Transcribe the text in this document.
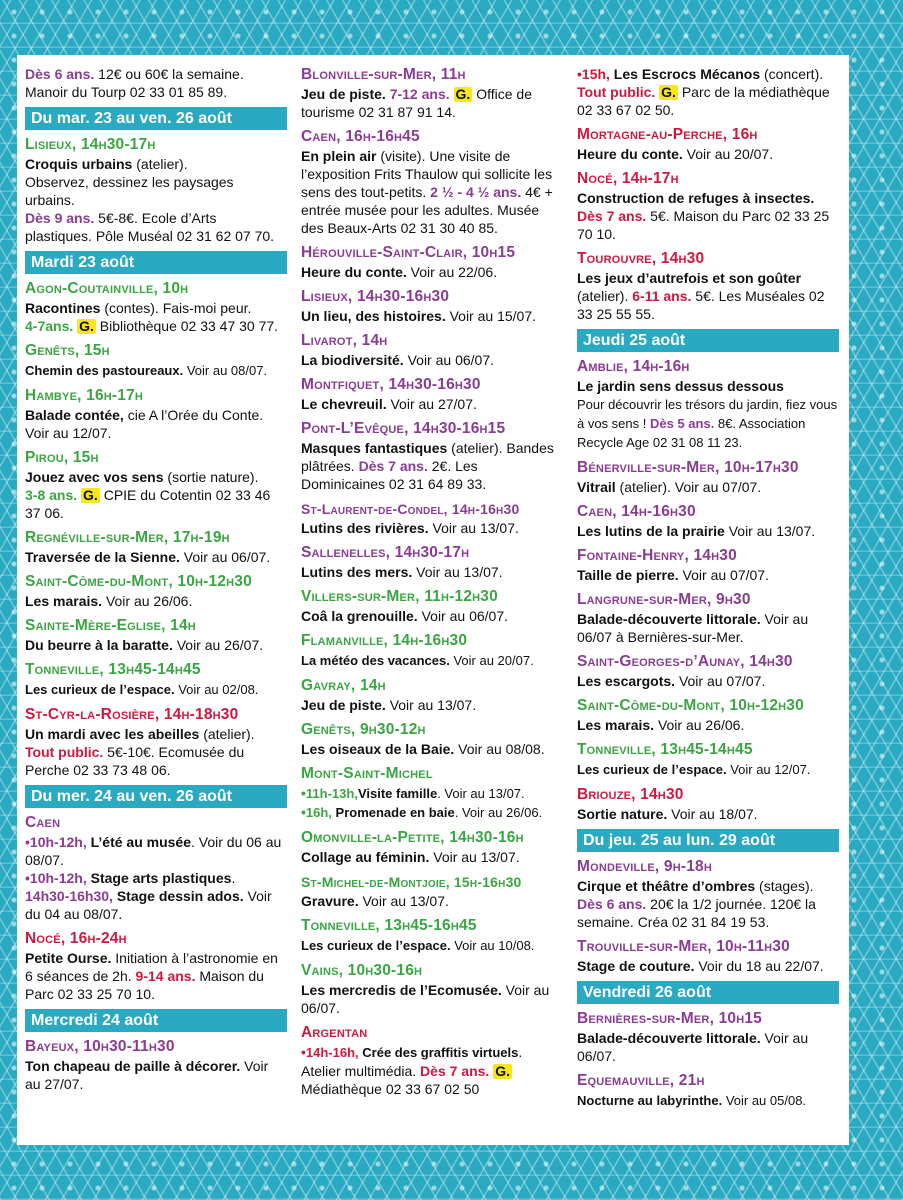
Dès 6 ans. 12€ ou 60€ la semaine. Manoir du Tourp 02 33 01 85 89.
Du mar. 23 au ven. 26 août
Lisieux, 14h30-17h
Croquis urbains (atelier).
Observez, dessinez les paysages urbains.
Dès 9 ans. 5€-8€. Ecole d’Arts plastiques. Pôle Muséal 02 31 62 07 70.
Mardi 23 août
Agon-Coutainville, 10h
Racontines (contes). Fais-moi peur.
4-7ans. G. Bibliothèque 02 33 47 30 77.
Genêts, 15h
Chemin des pastoureaux. Voir au 08/07.
Hambye, 16h-17h
Balade contée, cie A l’Orée du Conte. Voir au 12/07.
Pirou, 15h
Jouez avec vos sens (sortie nature).
3-8 ans. G. CPIE du Cotentin 02 33 46 37 06.
Regnéville-sur-Mer, 17h-19h
Traversée de la Sienne. Voir au 06/07.
Saint-Côme-du-Mont, 10h-12h30
Les marais. Voir au 26/06.
Sainte-Mère-Eglise, 14h
Du beurre à la baratte. Voir au 26/07.
Tonneville, 13h45-14h45
Les curieux de l’espace. Voir au 02/08.
St-Cyr-la-Rosière, 14h-18h30
Un mardi avec les abeilles (atelier).
Tout public. 5€-10€. Ecomusée du Perche 02 33 73 48 06.
Du mer. 24 au ven. 26 août
Caen
•10h-12h, L’été au musée. Voir du 06 au 08/07.
•10h-12h, Stage arts plastiques.
14h30-16h30, Stage dessin ados. Voir du 04 au 08/07.
Nocé, 16h-24h
Petite Ourse. Initiation à l’astronomie en 6 séances de 2h. 9-14 ans. Maison du Parc 02 33 25 70 10.
Mercredi 24 août
Bayeux, 10h30-11h30
Ton chapeau de paille à décorer. Voir au 27/07.
Blonville-sur-Mer, 11h
Jeu de piste. 7-12 ans. G. Office de tourisme 02 31 87 91 14.
Caen, 16h-16h45
En plein air (visite). Une visite de l’exposition Frits Thaulow qui sollicite les sens des tout-petits. 2 ½ - 4 ½ ans. 4€ + entrée musée pour les adultes. Musée des Beaux-Arts 02 31 30 40 85.
Hérouville-Saint-Clair, 10h15
Heure du conte. Voir au 22/06.
Lisieux, 14h30-16h30
Un lieu, des histoires. Voir au 15/07.
Livarot, 14h
La biodiversité. Voir au 06/07.
Montfiquet, 14h30-16h30
Le chevreuil. Voir au 27/07.
Pont-L’Evêque, 14h30-16h15
Masques fantastiques (atelier). Bandes plâtrées. Dès 7 ans. 2€. Les Dominicaines 02 31 64 89 33.
St-Laurent-de-Condel, 14h-16h30
Lutins des rivières. Voir au 13/07.
Sallenelles, 14h30-17h
Lutins des mers. Voir au 13/07.
Villers-sur-Mer, 11h-12h30
Coâ la grenouille. Voir au 06/07.
Flamanville, 14h-16h30
La météo des vacances. Voir au 20/07.
Gavray, 14h
Jeu de piste. Voir au 13/07.
Genêts, 9h30-12h
Les oiseaux de la Baie. Voir au 08/08.
Mont-Saint-Michel
•11h-13h,Visite famille. Voir au 13/07.
•16h, Promenade en baie. Voir au 26/06.
Omonville-la-Petite, 14h30-16h
Collage au féminin. Voir au 13/07.
St-Michel-de-Montjoie, 15h-16h30
Gravure. Voir au 13/07.
Tonneville, 13h45-16h45
Les curieux de l’espace. Voir au 10/08.
Vains, 10h30-16h
Les mercredis de l’Ecomusée. Voir au 06/07.
Argentan
•14h-16h, Crée des graffitis virtuels. Atelier multimédia. Dès 7 ans. G. Médiathèque 02 33 67 02 50
•15h, Les Escrocs Mécanos (concert). Tout public. G. Parc de la médiathèque 02 33 67 02 50.
Mortagne-au-Perche, 16h
Heure du conte. Voir au 20/07.
Nocé, 14h-17h
Construction de refuges à insectes.
Dès 7 ans. 5€. Maison du Parc 02 33 25 70 10.
Tourouvre, 14h30
Les jeux d’autrefois et son goûter (atelier). 6-11 ans. 5€. Les Muséales 02 33 25 55 55.
Jeudi 25 août
Amblie, 14h-16h
Le jardin sens dessus dessous
Pour découvrir les trésors du jardin, fiez vous à vos sens ! Dès 5 ans. 8€. Association Recycle Age 02 31 08 11 23.
Bénerville-sur-Mer, 10h-17h30
Vitrail (atelier). Voir au 07/07.
Caen, 14h-16h30
Les lutins de la prairie Voir au 13/07.
Fontaine-Henry, 14h30
Taille de pierre. Voir au 07/07.
Langrune-sur-Mer, 9h30
Balade-découverte littorale. Voir au 06/07 à Bernières-sur-Mer.
Saint-Georges-d’Aunay, 14h30
Les escargots. Voir au 07/07.
Saint-Côme-du-Mont, 10h-12h30
Les marais. Voir au 26/06.
Tonneville, 13h45-14h45
Les curieux de l’espace. Voir au 12/07.
Briouze, 14h30
Sortie nature. Voir au 18/07.
Du jeu. 25 au lun. 29 août
Mondeville, 9h-18h
Cirque et théâtre d’ombres (stages).
Dès 6 ans. 20€ la 1/2 journée. 120€ la semaine. Créa 02 31 84 19 53.
Trouville-sur-Mer, 10h-11h30
Stage de couture. Voir du 18 au 22/07.
Vendredi 26 août
Bernières-sur-Mer, 10h15
Balade-découverte littorale. Voir au 06/07.
Equemauville, 21h
Nocturne au labyrinthe. Voir au 05/08.
